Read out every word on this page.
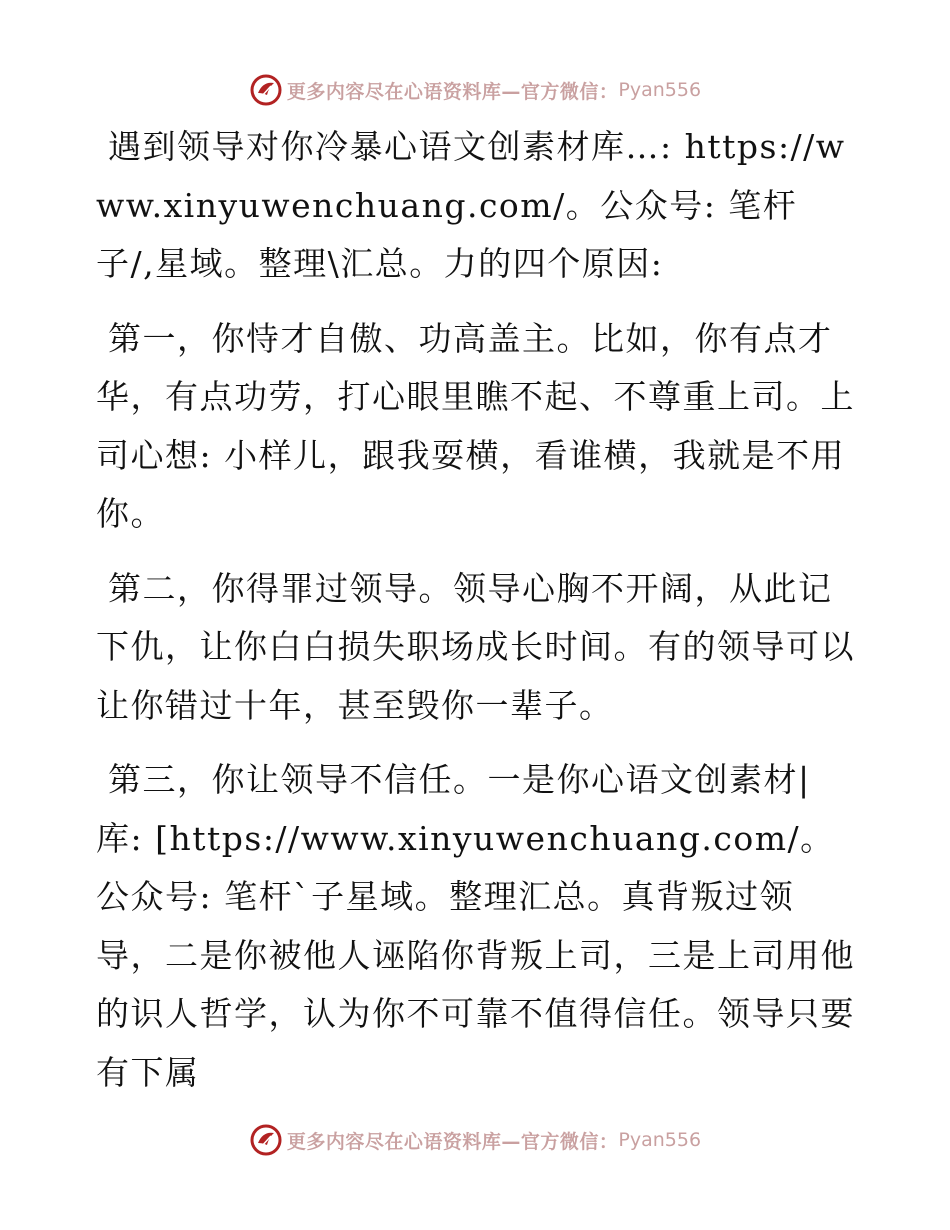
更多内容尽在心语资料库—官方微信： Pyan556

遇到领导对你冷暴心语文创素材库…: https://www.xinyuwenchuang.com/。公众号: 笔杆子/,星域。整理\汇总。力的四个原因:

第一，你恃才自傲、功高盖主。比如，你有点才华，有点功劳，打心眼里瞧不起、不尊重上司。上司心想: 小样儿，跟我耍横，看谁横，我就是不用你。

第二，你得罪过领导。领导心胸不开阔，从此记下仇，让你白白损失职场成长时间。有的领导可以让你错过十年，甚至毁你一辈子。

第三，你让领导不信任。一是你心语文创素材|库: [https://www.xinyuwenchuang.com/。公众号: 笔杆`子星域。整理汇总。真背叛过领导，二是你被他人诬陷你背叛上司，三是上司用他的识人哲学，认为你不可靠不值得信任。领导只要有下属

更多内容尽在心语资料库—官方微信： Pyan556
